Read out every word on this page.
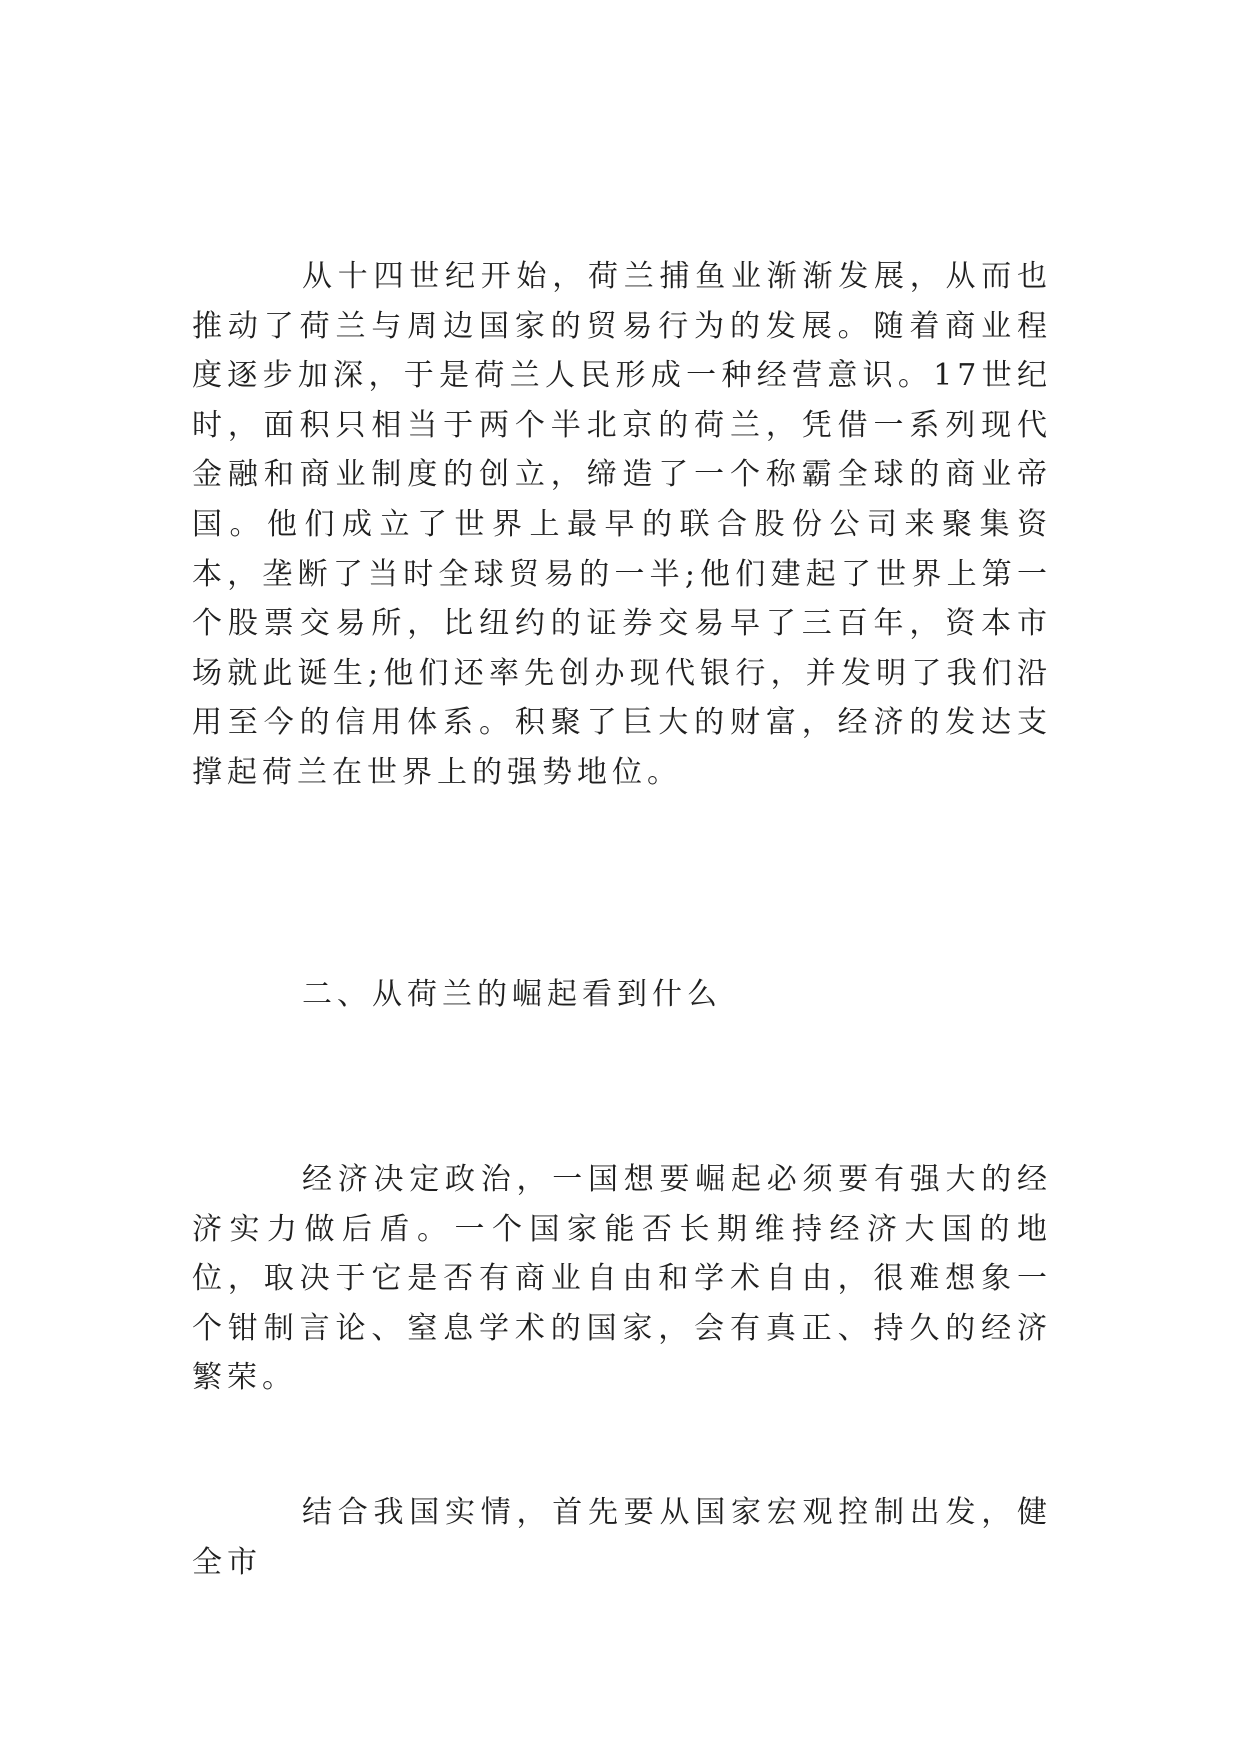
从十四世纪开始，荷兰捕鱼业渐渐发展，从而也推动了荷兰与周边国家的贸易行为的发展。随着商业程度逐步加深，于是荷兰人民形成一种经营意识。17世纪时，面积只相当于两个半北京的荷兰，凭借一系列现代金融和商业制度的创立，缔造了一个称霸全球的商业帝国。他们成立了世界上最早的联合股份公司来聚集资本，垄断了当时全球贸易的一半;他们建起了世界上第一个股票交易所，比纽约的证券交易早了三百年，资本市场就此诞生;他们还率先创办现代银行，并发明了我们沿用至今的信用体系。积聚了巨大的财富，经济的发达支撑起荷兰在世界上的强势地位。

二、从荷兰的崛起看到什么

经济决定政治，一国想要崛起必须要有强大的经济实力做后盾。一个国家能否长期维持经济大国的地位，取决于它是否有商业自由和学术自由，很难想象一个钳制言论、窒息学术的国家，会有真正、持久的经济繁荣。

结合我国实情，首先要从国家宏观控制出发，健全市
